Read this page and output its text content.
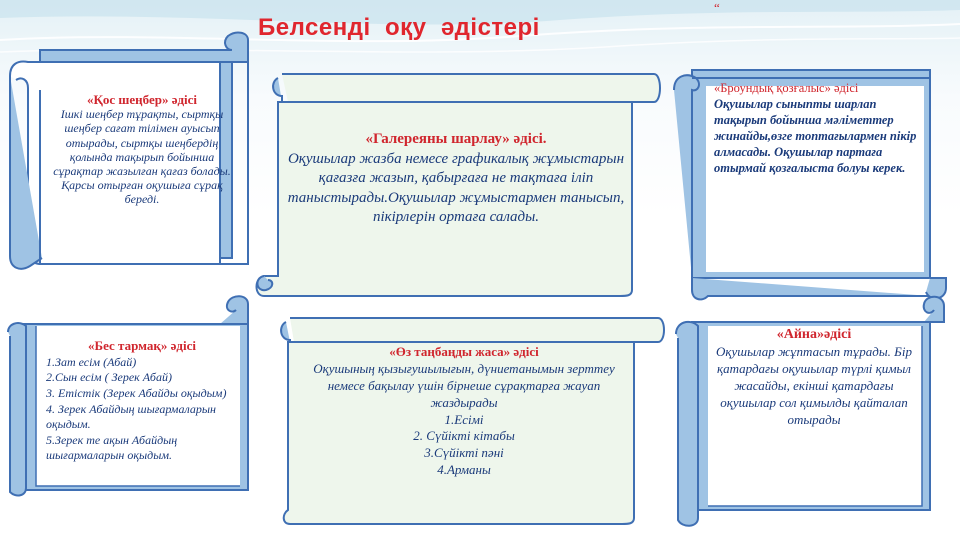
Белсенді  оқу  әдістері
“
«Қос шеңбер» әдісі
Ішкі шеңбер тұрақты, сыртқы шеңбер сағат тілімен ауысып отырады, сыртқы шеңбердің қолында тақырып бойынша сұрақтар жазылған қағаз болады. Қарсы отырған оқушыға сұрақ береді.
«Галереяны шарлау» әдісі.
Оқушылар жазба немесе графикалық жұмыстарын қағазға жазып, қабырғаға не тақтаға іліп таныстырады.Оқушылар жұмыстармен танысып, пікірлерін ортаға салады.
«Броундық қозғалыс» әдісі
Оқушылар сыныпты шарлап тақырып бойынша мәліметтер жинайды,өзге топтағылармен пікір алмасады. Оқушылар партаға отырмай қозғалыста болуы керек.
«Бес тармақ» әдісі
1.Зат есім (Абай)
2.Сын есім ( Зерек Абай)
3. Етістік (Зерек Абайды оқыдым)
4. Зерек Абайдың шығармаларын оқыдым.
5.Зерек те ақын Абайдың шығармаларын оқыдым.
«Өз таңбаңды жаса» әдісі
Оқушының қызығушылығын, дүниетанымын зерттеу немесе бақылау үшін бірнеше сұрақтарға жауап жаздырады
1.Есімі
2. Сүйікті кітабы
3.Сүйікті пәні
4.Арманы
«Айна»әдісі
Оқушылар жұптасып тұрады. Бір қатардағы оқушылар түрлі қимыл жасайды, екінші қатардағы оқушылар сол қимылды қайталап отырады
